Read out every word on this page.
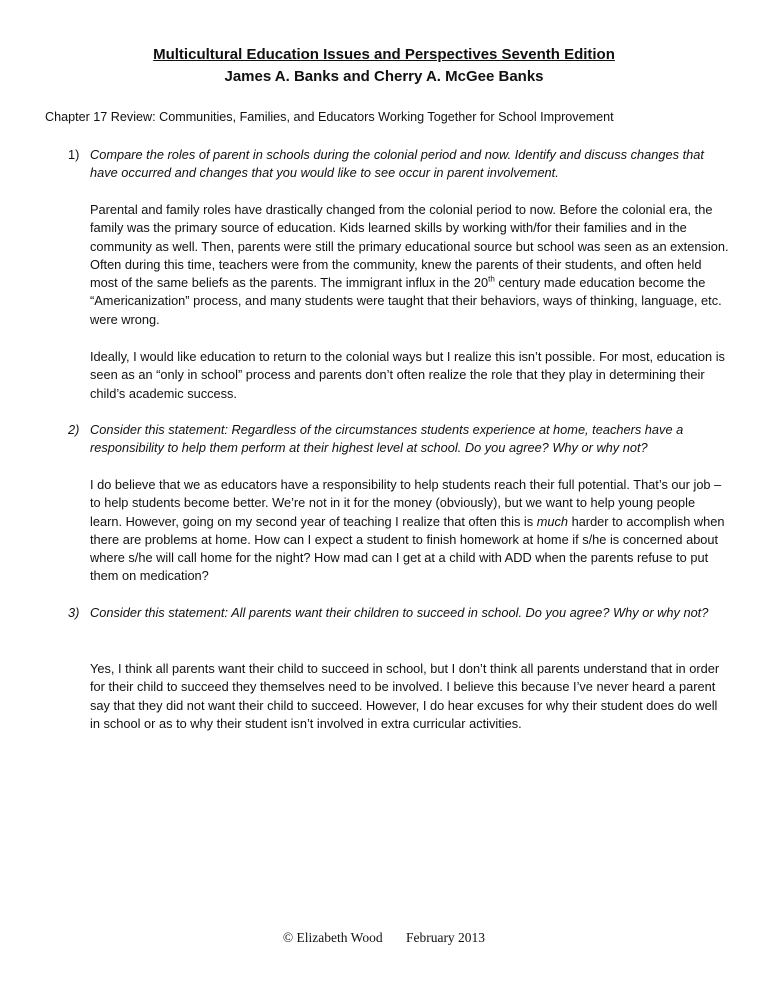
Multicultural Education Issues and Perspectives Seventh Edition
James A. Banks and Cherry A. McGee Banks
Chapter 17 Review: Communities, Families, and Educators Working Together for School Improvement
1) Compare the roles of parent in schools during the colonial period and now. Identify and discuss changes that have occurred and changes that you would like to see occur in parent involvement.

Parental and family roles have drastically changed from the colonial period to now. Before the colonial era, the family was the primary source of education. Kids learned skills by working with/for their families and in the community as well. Then, parents were still the primary educational source but school was seen as an extension. Often during this time, teachers were from the community, knew the parents of their students, and often held most of the same beliefs as the parents. The immigrant influx in the 20th century made education become the “Americanization” process, and many students were taught that their behaviors, ways of thinking, language, etc. were wrong.

Ideally, I would like education to return to the colonial ways but I realize this isn’t possible. For most, education is seen as an “only in school” process and parents don’t often realize the role that they play in determining their child’s academic success.

2) Consider this statement: Regardless of the circumstances students experience at home, teachers have a responsibility to help them perform at their highest level at school. Do you agree? Why or why not?

I do believe that we as educators have a responsibility to help students reach their full potential. That’s our job – to help students become better. We’re not in it for the money (obviously), but we want to help young people learn. However, going on my second year of teaching I realize that often this is much harder to accomplish when there are problems at home. How can I expect a student to finish homework at home if s/he is concerned about where s/he will call home for the night? How mad can I get at a child with ADD when the parents refuse to put them on medication?

3) Consider this statement: All parents want their children to succeed in school. Do you agree? Why or why not?

Yes, I think all parents want their child to succeed in school, but I don’t think all parents understand that in order for their child to succeed they themselves need to be involved. I believe this because I’ve never heard a parent say that they did not want their child to succeed. However, I do hear excuses for why their student does do well in school or as to why their student isn’t involved in extra curricular activities.

© Elizabeth Wood February 2013
